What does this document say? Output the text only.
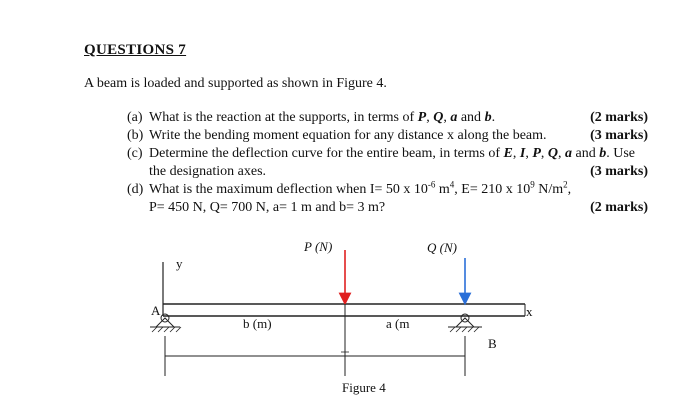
QUESTIONS 7
A beam is loaded and supported as shown in Figure 4.
(a) What is the reaction at the supports, in terms of P, Q, a and b.	(2 marks)
(b) Write the bending moment equation for any distance x along the beam.	(3 marks)
(c) Determine the deflection curve for the entire beam, in terms of E, I, P, Q, a and b. Use
the designation axes.	(3 marks)
(d) What is the maximum deflection when I= 50 x $10^{-6}$ $m^4$, E= 210 x $10^9$ $N/m^2$,
P= 450 N, Q= 700 N, a= 1 m and b= 3 m?	(2 marks)
y
x
A
B
P (N)	Q (N)
b (m)	a (m
Figure 4
